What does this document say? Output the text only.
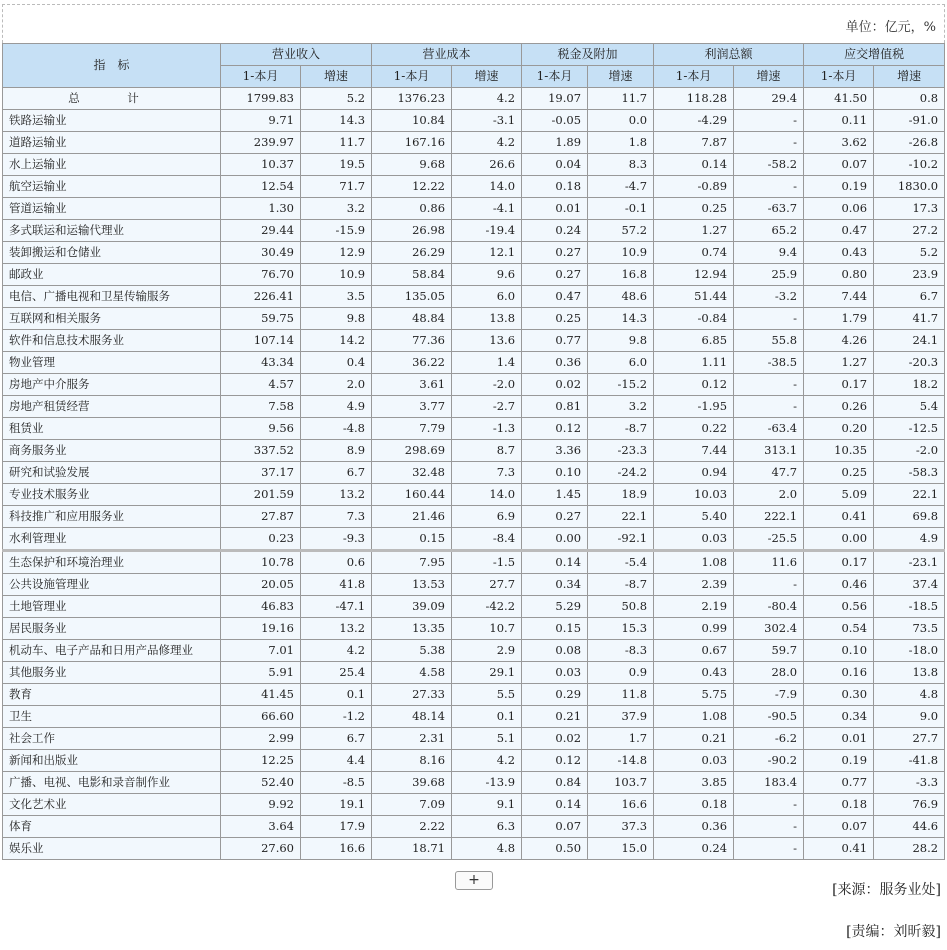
单位：亿元，%
指　标	营业收入		营业成本		税金及附加		利润总额		应交增值税	
	1-本月	增速	1-本月	增速	1-本月	增速	1-本月	增速	1-本月	增速
总　计	1799.83	5.2	1376.23	4.2	19.07	11.7	118.28	29.4	41.50	0.8
铁路运输业	9.71	14.3	10.84	-3.1	-0.05	0.0	-4.29	-	0.11	-91.0
道路运输业	239.97	11.7	167.16	4.2	1.89	1.8	7.87	-	3.62	-26.8
水上运输业	10.37	19.5	9.68	26.6	0.04	8.3	0.14	-58.2	0.07	-10.2
航空运输业	12.54	71.7	12.22	14.0	0.18	-4.7	-0.89	-	0.19	1830.0
管道运输业	1.30	3.2	0.86	-4.1	0.01	-0.1	0.25	-63.7	0.06	17.3
多式联运和运输代理业	29.44	-15.9	26.98	-19.4	0.24	57.2	1.27	65.2	0.47	27.2
装卸搬运和仓储业	30.49	12.9	26.29	12.1	0.27	10.9	0.74	9.4	0.43	5.2
邮政业	76.70	10.9	58.84	9.6	0.27	16.8	12.94	25.9	0.80	23.9
电信、广播电视和卫星传输服务	226.41	3.5	135.05	6.0	0.47	48.6	51.44	-3.2	7.44	6.7
互联网和相关服务	59.75	9.8	48.84	13.8	0.25	14.3	-0.84	-	1.79	41.7
软件和信息技术服务业	107.14	14.2	77.36	13.6	0.77	9.8	6.85	55.8	4.26	24.1
物业管理	43.34	0.4	36.22	1.4	0.36	6.0	1.11	-38.5	1.27	-20.3
房地产中介服务	4.57	2.0	3.61	-2.0	0.02	-15.2	0.12	-	0.17	18.2
房地产租赁经营	7.58	4.9	3.77	-2.7	0.81	3.2	-1.95	-	0.26	5.4
租赁业	9.56	-4.8	7.79	-1.3	0.12	-8.7	0.22	-63.4	0.20	-12.5
商务服务业	337.52	8.9	298.69	8.7	3.36	-23.3	7.44	313.1	10.35	-2.0
研究和试验发展	37.17	6.7	32.48	7.3	0.10	-24.2	0.94	47.7	0.25	-58.3
专业技术服务业	201.59	13.2	160.44	14.0	1.45	18.9	10.03	2.0	5.09	22.1
科技推广和应用服务业	27.87	7.3	21.46	6.9	0.27	22.1	5.40	222.1	0.41	69.8
水利管理业	0.23	-9.3	0.15	-8.4	0.00	-92.1	0.03	-25.5	0.00	4.9
生态保护和环境治理业	10.78	0.6	7.95	-1.5	0.14	-5.4	1.08	11.6	0.17	-23.1
公共设施管理业	20.05	41.8	13.53	27.7	0.34	-8.7	2.39	-	0.46	37.4
土地管理业	46.83	-47.1	39.09	-42.2	5.29	50.8	2.19	-80.4	0.56	-18.5
居民服务业	19.16	13.2	13.35	10.7	0.15	15.3	0.99	302.4	0.54	73.5
机动车、电子产品和日用产品修理业	7.01	4.2	5.38	2.9	0.08	-8.3	0.67	59.7	0.10	-18.0
其他服务业	5.91	25.4	4.58	29.1	0.03	0.9	0.43	28.0	0.16	13.8
教育	41.45	0.1	27.33	5.5	0.29	11.8	5.75	-7.9	0.30	4.8
卫生	66.60	-1.2	48.14	0.1	0.21	37.9	1.08	-90.5	0.34	9.0
社会工作	2.99	6.7	2.31	5.1	0.02	1.7	0.21	-6.2	0.01	27.7
新闻和出版业	12.25	4.4	8.16	4.2	0.12	-14.8	0.03	-90.2	0.19	-41.8
广播、电视、电影和录音制作业	52.40	-8.5	39.68	-13.9	0.84	103.7	3.85	183.4	0.77	-3.3
文化艺术业	9.92	19.1	7.09	9.1	0.14	16.6	0.18	-	0.18	76.9
体育	3.64	17.9	2.22	6.3	0.07	37.3	0.36	-	0.07	44.6
娱乐业	27.60	16.6	18.71	4.8	0.50	15.0	0.24	-	0.41	28.2
+
[来源：服务业处]
[责编：刘昕毅]
